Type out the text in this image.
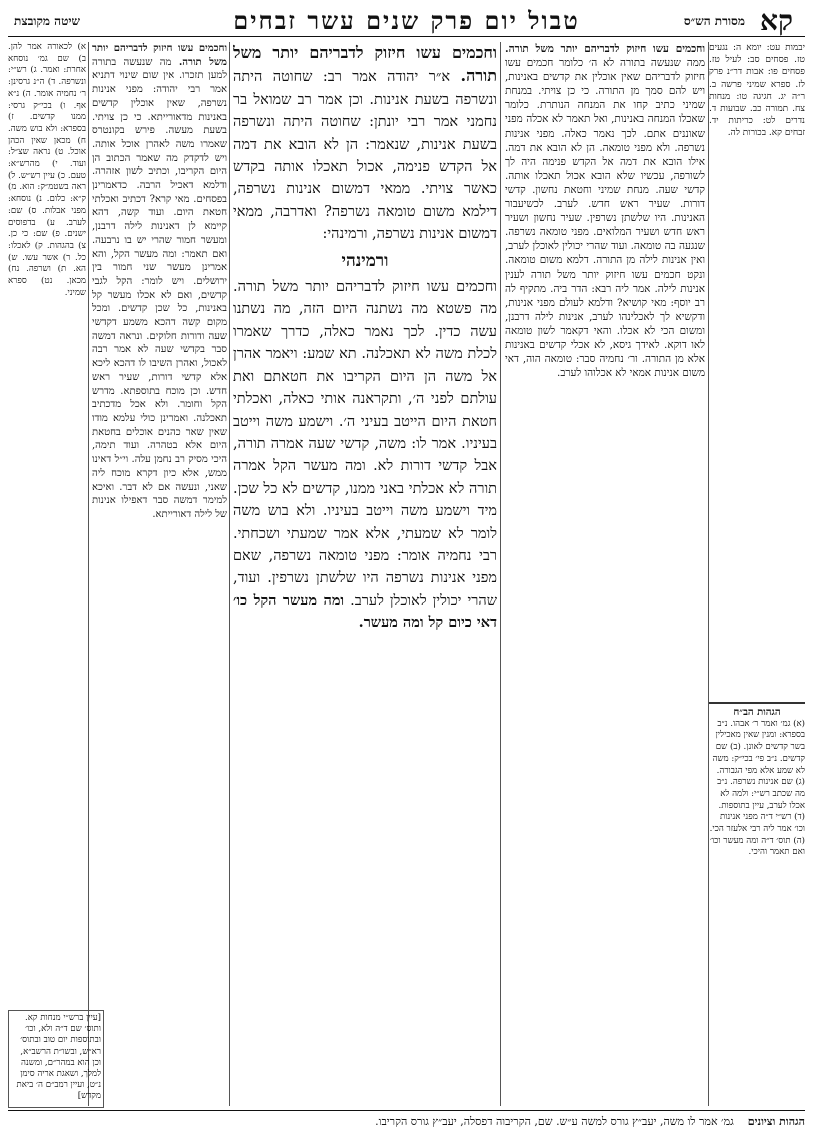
קא
מסורת הש״ס
טבול יום פרק שנים עשר זבחים
שיטה מקובצת
יבמות עט: יומא ה: נגעים טז. פסחים סב: לעיל טז. פסחים פו: אבות דר״נ פרק לז. ספרא שמיני פרשה ב. ר״ה יג. חגיגה טו: מנחות צח. תמורה כב. שבועות ד. נדרים לט: כריתות יד. זבחים קא. בכורות לה.
הגהות הב״ח
(א) גמ׳ ואמר ר׳ אבהו. נ״ב בספרא: ומנין שאין מאכילין בשר קדשים לאונן. (ב) שם קדשים. נ״ב פי׳ בכי״ק: משה לא שמע אלא מפי הגבורה. (ג) שם אנינות נשרפה. נ״ב מה שכתב רש״י: ולמה לא אכלו לערב, עיין בתוספות. (ד) רש״י ד״ה מפני אנינות וכו׳ אמר ליה רבי אלעזר הכי. (ה) תוס׳ ד״ה ומה מעשר וכו׳ ואם תאמר והיכי.
וחכמים עשו חיזוק לדבריהם יותר משל תורה. ממה שנעשה בתורה לא ה׳ כלומר חכמים עשו חיזוק לדבריהם שאין אוכלין את קדשים באנינות, ויש להם סמך מן התורה. כי כן צויתי. במנחת שמיני כתיב קחו את המנחה הנותרת. כלומר שאכלו המנחה באנינות, ואל תאמר לא אכלה מפני שאוננים אתם. לכך נאמר כאלה. מפני אנינות נשרפה. ולא מפני טומאה. הן לא הובא את דמה. אילו הובא את דמה אל הקדש פנימה היה לך לשורפה, עכשיו שלא הובא אכול תאכלו אותה. קדשי שעה. מנחת שמיני וחטאת נחשון. קדשי דורות. שעיר ראש חדש. לערב. לכשיעבור האנינות. היו שלשתן נשרפין. שעיר נחשון ושעיר ראש חדש ושעיר המלואים. מפני טומאה נשרפה. שנגעה בה טומאה. ועוד שהרי יכולין לאוכלן לערב, ואין אנינות לילה מן התורה. דלמא משום טומאה. ונקט חכמים עשו חיזוק יותר משל תורה לענין אנינות לילה. אמר ליה רבא: הדר ביה. מתקיף לה רב יוסף: מאי קושיא? ודלמא לעולם מפני אנינות, ודקשיא לך לאכלינהו לערב, אנינות לילה דרבנן, ומשום הכי לא אכלו. והאי דקאמר לשון טומאה לאו דוקא. לאידך גיסא, לא אכלי קדשים באנינות אלא מן התורה. ור׳ נחמיה סבר: טומאה הוה, דאי משום אנינות אמאי לא אכלוהו לערב.
וחכמים עשו חיזוק לדבריהם יותר משל תורה. א״ר יהודה אמר רב: שחוטה היתה ונשרפה בשעת אנינות. וכן אמר רב שמואל בר נחמני אמר רבי יונתן: שחוטה היתה ונשרפה בשעת אנינות, שנאמר: הן לא הובא את דמה אל הקדש פנימה, אכול תאכלו אותה בקדש כאשר צויתי. ממאי דמשום אנינות נשרפה, דילמא משום טומאה נשרפה? ואדרבה, ממאי דמשום אנינות נשרפה, ורמינהי:
ורמינהי
וחכמים עשו חיזוק לדבריהם יותר משל תורה. מה פשטא מה נשתנה היום הזה, מה נשתנו עשה כדין. לכך נאמר כאלה, כדרך שאמרו לכלת משה לא תאכלנה. תא שמע: ויאמר אהרן אל משה הן היום הקריבו את חטאתם ואת עולתם לפני ה׳, ותקראנה אותי כאלה, ואכלתי חטאת היום הייטב בעיני ה׳. וישמע משה וייטב בעיניו. אמר לו: משה, קדשי שעה אמרה תורה, אבל קדשי דורות לא. ומה מעשר הקל אמרה תורה לא אכלתי באני ממנו, קדשים לא כל שכן. מיד וישמע משה וייטב בעיניו. ולא בוש משה לומר לא שמעתי, אלא אמר שמעתי ושכחתי. רבי נחמיה אומר: מפני טומאה נשרפה, שאם מפני אנינות נשרפה היו שלשתן נשרפין. ועוד, שהרי יכולין לאוכלן לערב. ומה מעשר הקל כו׳ דאי כיום קל ומה מעשר.
וחכמים עשו חיזוק לדבריהם יותר משל תורה. מה שנעשה בתורה למען תזכרו. אין שום שינוי דתניא אמר רבי יהודה: מפני אנינות נשרפה, שאין אוכלין קדשים באנינות מדאורייתא. כי כן צויתי. בשעת מעשה. פירש בקונטרס שאמרו משה לאהרן אוכל אותה. ויש לדקדק מה שאמר הכתוב הן היום הקריבו, וכתיב לשון אזהרה. ודלמא דאכיל הרבה. כדאמרינן בפסחים. מאי קרא? דכתיב ואכלתי חטאת היום. ועוד קשה, דהא קיימא לן דאנינות לילה דרבנן, ומעשר חמור שהרי יש בו נרבעה. ואם תאמר: ומה מעשר הקל, והא אמרינן מעשר שני חמור בין ירושלים. ויש לומר: הקל לגבי קדשים, ואם לא אכלו מעשר קל באנינות, כל שכן קדשים. ומכל מקום קשה דהכא משמע דקדשי שעה ודורות חלוקים. ונראה דמשה סבר בקדשי שעה לא אמר רבה לאכול, ואהרן השיבו לו דהכא ליכא אלא קדשי דורות, שעיר ראש חדש. וכן מוכח בתוספתא. מדרש הקל וחומר. ולא אכל מדכתיב תאכלנה. ואמרינן כולי עלמא מודו שאין שאר כהנים אוכלים בחטאת היום אלא בטהרה. ועוד תימה, היכי מסיק רב נחמן עלה. וי״ל דאינו ממש, אלא כיון דקרא מוכח ליה שאני, ונעשה אם לא דבר. ואיכא למימר דמשה סבר דאפילו אנינות של לילה דאורייתא.
א) לכאורה אמר להן. ב) שם גמ׳ נוסחא אחרת: ואמר. ג) רש״י: ונשרפה. ד) ה״נ גרסינן: ר׳ נחמיה אומר. ה) נ״א אף. ו) בכי״ק גרסי: ממנו קדשים. ז) בספרא: ולא בוש משה. ח) מכאן שאין הכהן אוכל. ט) נראה שצ״ל: ועוד. י) מהרש״א: טעם. כ) עיין רש״ש. ל) ראה בשטמ״ק: הוא. מ) ק״א: כלום. נ) נוסחא: מפני אבלות. ס) שם: לערב. ע) בדפוסים ישנים. פ) שם: כי כן. צ) בהגהות. ק) לאכלו: כל. ר) אשר עשו. ש) הא. ת) ושרפה. נח) מכאן. נט) ספרא שמיני.
[עיין ברש״י מנחות קא. ותוס׳ שם ד״ה ולא, וכו׳ ובתוספות יום טוב ובתוס׳ רא״ש, ובשו״ת הרשב״א, וכן הוא במהר״ם, ומשנה למלך, ושאגת אריה סימן נ״ט, ועיין רמב״ם ה׳ ביאת מקדש]
הגהות וציונים    גמ׳ אמר לו משה, יעב״ץ גורס למשה ע״ש. שם, הקריבוה דפסלה, יעב״ץ גורס הקריבו.
